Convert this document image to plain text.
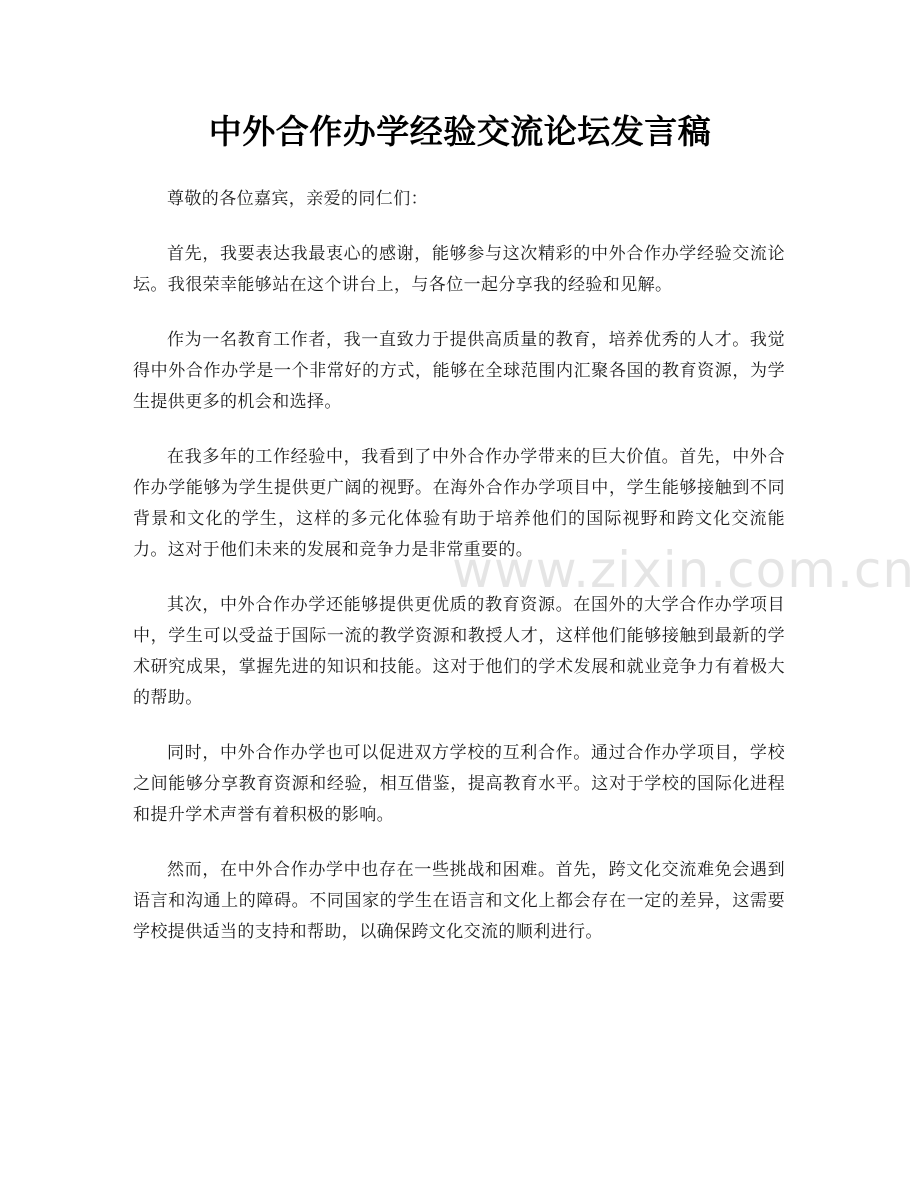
中外合作办学经验交流论坛发言稿

尊敬的各位嘉宾，亲爱的同仁们：

首先，我要表达我最衷心的感谢，能够参与这次精彩的中外合作办学经验交流论坛。我很荣幸能够站在这个讲台上，与各位一起分享我的经验和见解。

作为一名教育工作者，我一直致力于提供高质量的教育，培养优秀的人才。我觉得中外合作办学是一个非常好的方式，能够在全球范围内汇聚各国的教育资源，为学生提供更多的机会和选择。

在我多年的工作经验中，我看到了中外合作办学带来的巨大价值。首先，中外合作办学能够为学生提供更广阔的视野。在海外合作办学项目中，学生能够接触到不同背景和文化的学生，这样的多元化体验有助于培养他们的国际视野和跨文化交流能力。这对于他们未来的发展和竞争力是非常重要的。

其次，中外合作办学还能够提供更优质的教育资源。在国外的大学合作办学项目中，学生可以受益于国际一流的教学资源和教授人才，这样他们能够接触到最新的学术研究成果，掌握先进的知识和技能。这对于他们的学术发展和就业竞争力有着极大的帮助。

同时，中外合作办学也可以促进双方学校的互利合作。通过合作办学项目，学校之间能够分享教育资源和经验，相互借鉴，提高教育水平。这对于学校的国际化进程和提升学术声誉有着积极的影响。

然而，在中外合作办学中也存在一些挑战和困难。首先，跨文化交流难免会遇到语言和沟通上的障碍。不同国家的学生在语言和文化上都会存在一定的差异，这需要学校提供适当的支持和帮助，以确保跨文化交流的顺利进行。

www.zixin.com.cn
